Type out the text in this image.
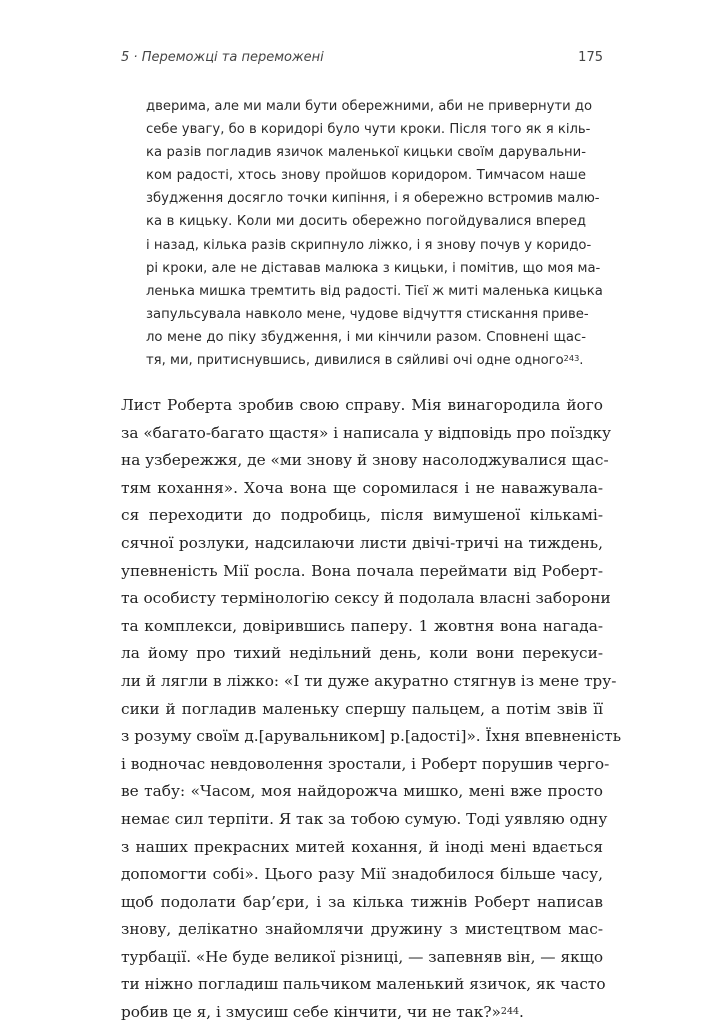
5 · Переможці та переможені	175
дверима, але ми мали бути обережними, аби не привернути до
себе увагу, бо в коридорі було чути кроки. Після того як я кіль-
ка разів погладив язичок маленької кицьки своїм дарувальни-
ком радості, хтось знову пройшов коридором. Тимчасом наше
збудження досягло точки кипіння, і я обережно встромив малю-
ка в кицьку. Коли ми досить обережно погойдувалися вперед
і назад, кілька разів скрипнуло ліжко, і я знову почув у коридо-
рі кроки, але не діставав малюка з кицьки, і помітив, що моя ма-
ленька мишка тремтить від радості. Тієї ж миті маленька кицька
запульсувала навколо мене, чудове відчуття стискання приве-
ло мене до піку збудження, і ми кінчили разом. Сповнені щас-
тя, ми, притиснувшись, дивилися в сяйливі очі одне одного$^{243}$.
Лист Роберта зробив свою справу. Мія винагородила його
за «багато-багато щастя» і написала у відповідь про поїздку
на узбережжя, де «ми знову й знову насолоджувалися щас-
тям кохання». Хоча вона ще соромилася і не наважувала-
ся переходити до подробиць, після вимушеної кількамі-
сячної розлуки, надсилаючи листи двічі-тричі на тиждень,
упевненість Мії росла. Вона почала переймати від Роберт-
та особисту термінологію сексу й подолала власні заборони
та комплекси, довірившись паперу. 1 жовтня вона нагада-
ла йому про тихий недільний день, коли вони перекуси-
ли й лягли в ліжко: «І ти дуже акуратно стягнув із мене тру-
сики й погладив маленьку спершу пальцем, а потім звів її
з розуму своїм д.[арувальником] р.[адості]». Їхня впевненість
і водночас невдоволення зростали, і Роберт порушив черго-
ве табу: «Часом, моя найдорожча мишко, мені вже просто
немає сил терпіти. Я так за тобою сумую. Тоді уявляю одну
з наших прекрасних митей кохання, й іноді мені вдається
допомогти собі». Цього разу Мії знадобилося більше часу,
щоб подолати бар’єри, і за кілька тижнів Роберт написав
знову, делікатно знайомлячи дружину з мистецтвом мас-
турбації. «Не буде великої різниці, — запевняв він, — якщо
ти ніжно погладиш пальчиком маленький язичок, як часто
робив це я, і змусиш себе кінчити, чи не так?»$^{244}$.
